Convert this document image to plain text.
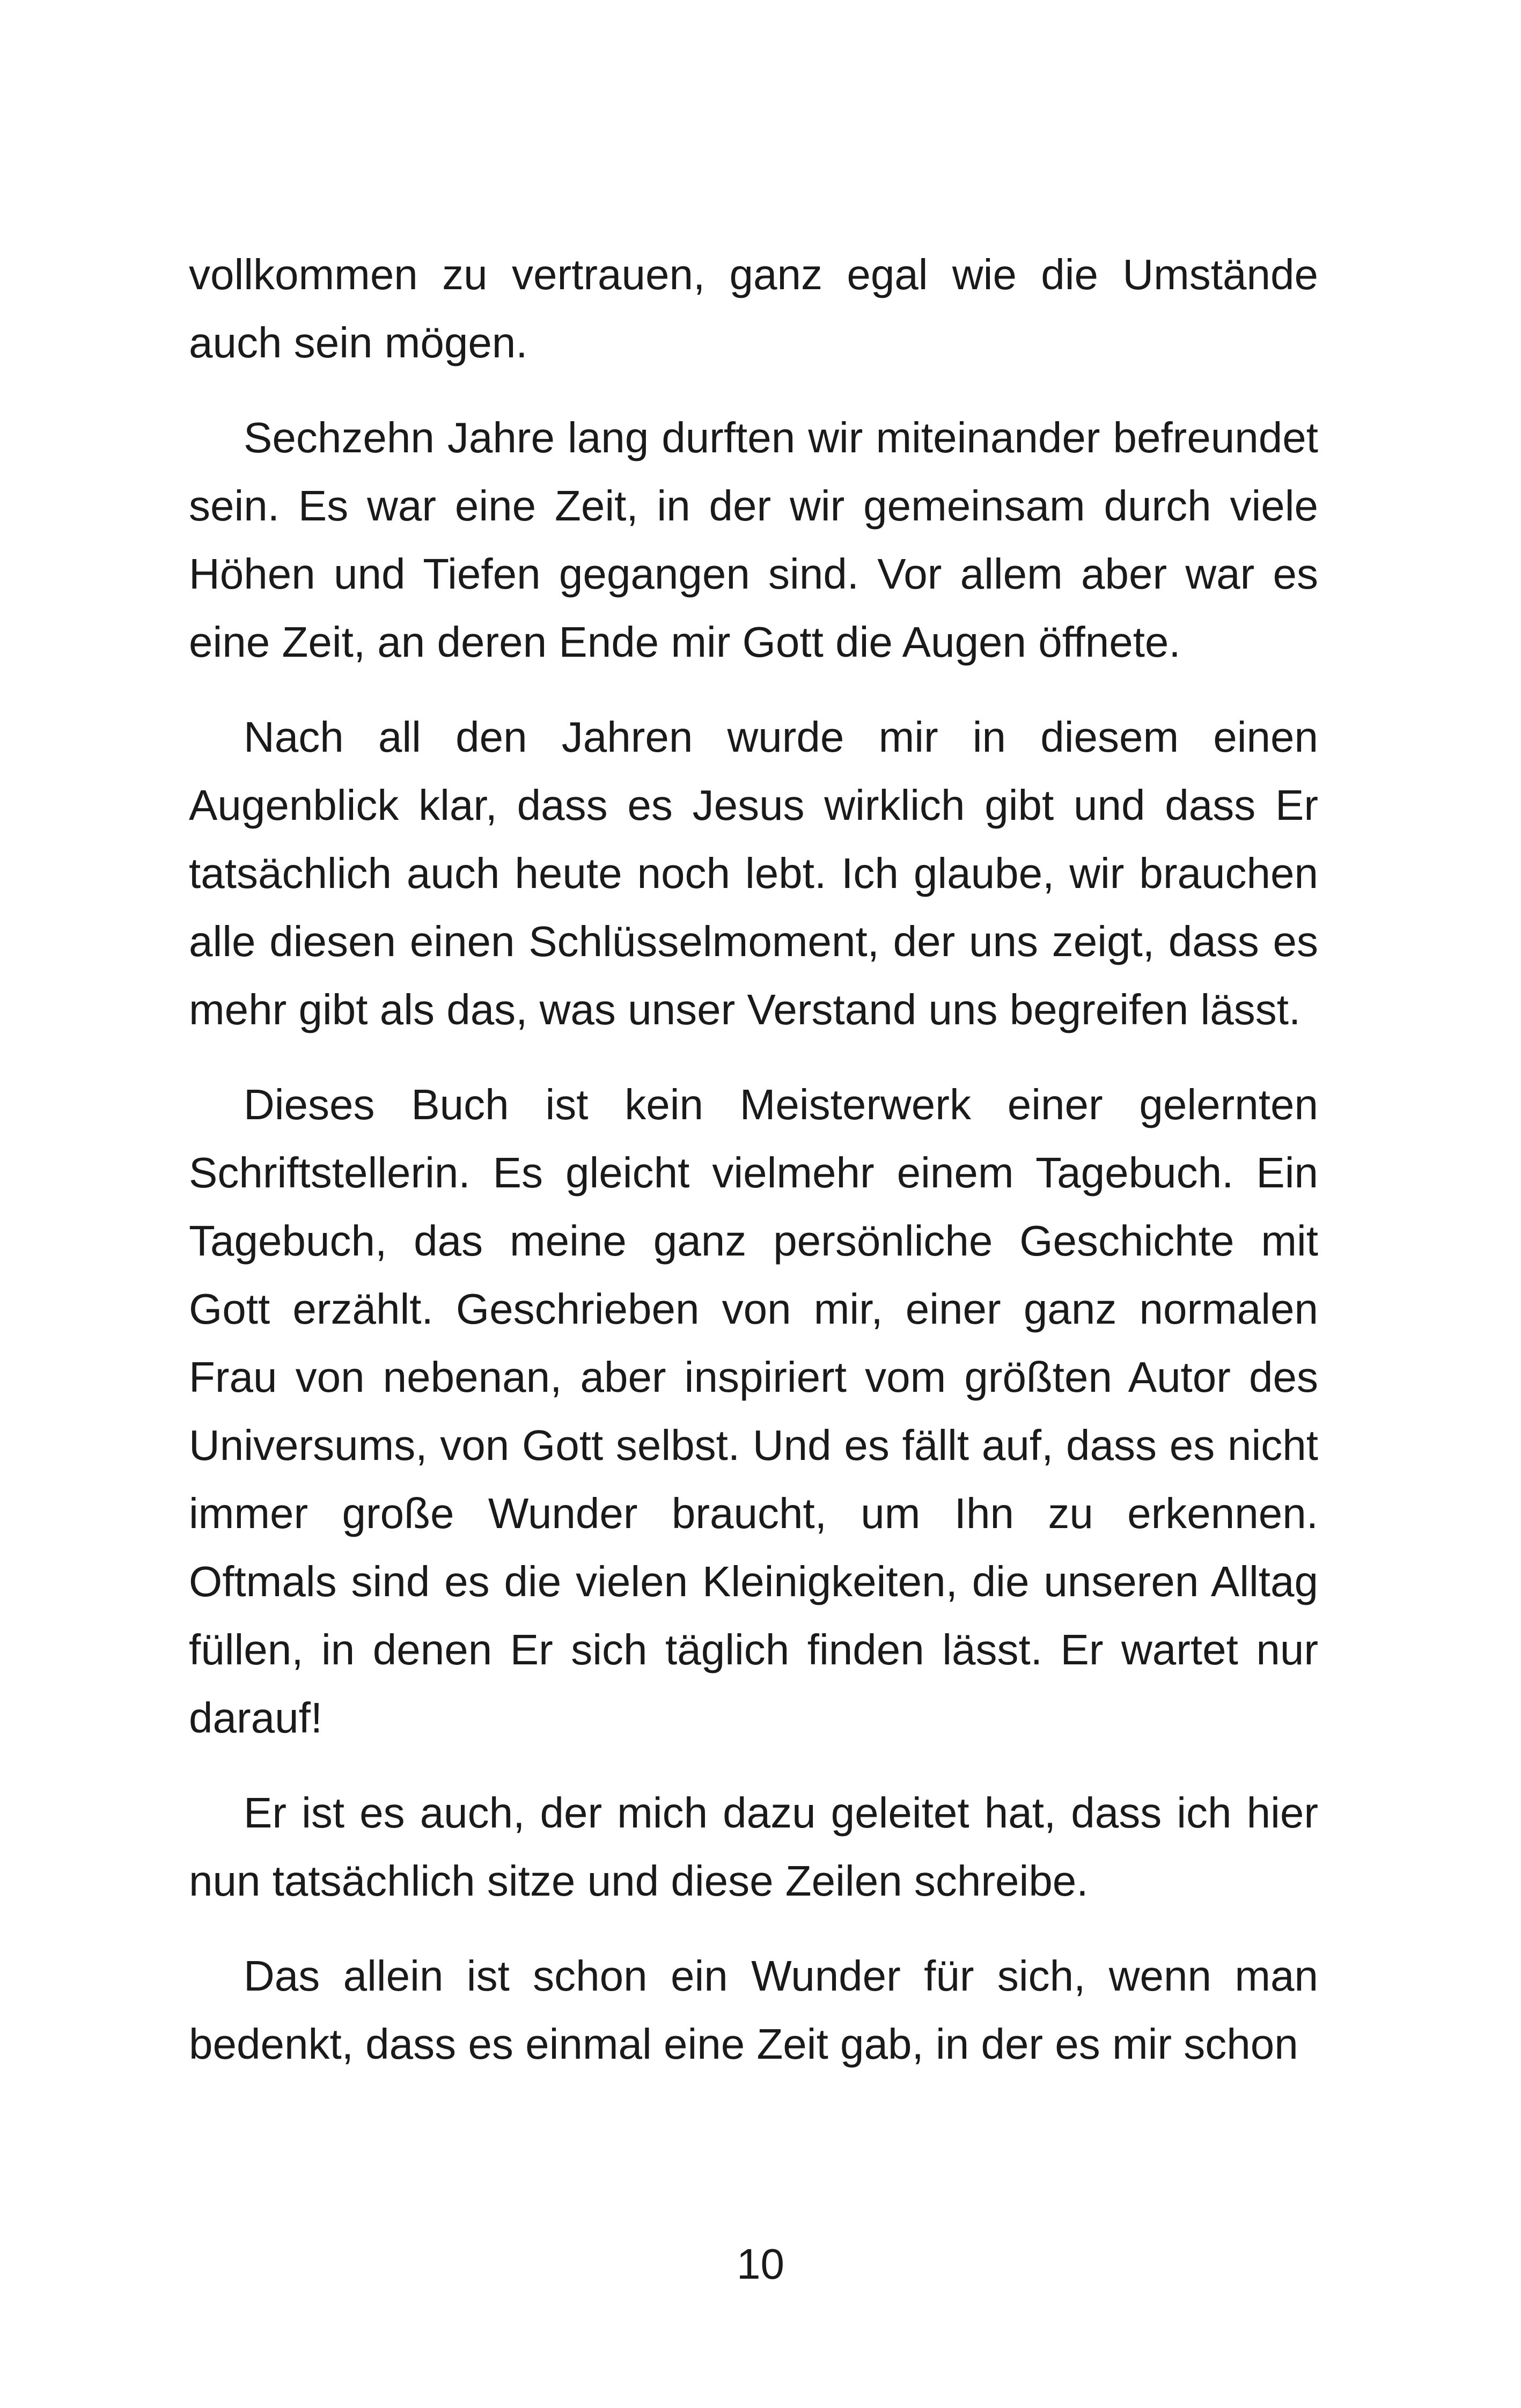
vollkommen zu vertrauen, ganz egal wie die Umstände auch sein mögen.

Sechzehn Jahre lang durften wir miteinander befreundet sein. Es war eine Zeit, in der wir gemeinsam durch viele Höhen und Tiefen gegangen sind. Vor allem aber war es eine Zeit, an deren Ende mir Gott die Augen öffnete.

Nach all den Jahren wurde mir in diesem einen Augenblick klar, dass es Jesus wirklich gibt und dass Er tatsächlich auch heute noch lebt. Ich glaube, wir brauchen alle diesen einen Schlüsselmoment, der uns zeigt, dass es mehr gibt als das, was unser Verstand uns begreifen lässt.

Dieses Buch ist kein Meisterwerk einer gelernten Schriftstellerin. Es gleicht vielmehr einem Tagebuch. Ein Tagebuch, das meine ganz persönliche Geschichte mit Gott erzählt. Geschrieben von mir, einer ganz normalen Frau von nebenan, aber inspiriert vom größten Autor des Universums, von Gott selbst. Und es fällt auf, dass es nicht immer große Wunder braucht, um Ihn zu erkennen. Oftmals sind es die vielen Kleinigkeiten, die unseren Alltag füllen, in denen Er sich täglich finden lässt. Er wartet nur darauf!

Er ist es auch, der mich dazu geleitet hat, dass ich hier nun tatsächlich sitze und diese Zeilen schreibe.

Das allein ist schon ein Wunder für sich, wenn man bedenkt, dass es einmal eine Zeit gab, in der es mir schon

10
